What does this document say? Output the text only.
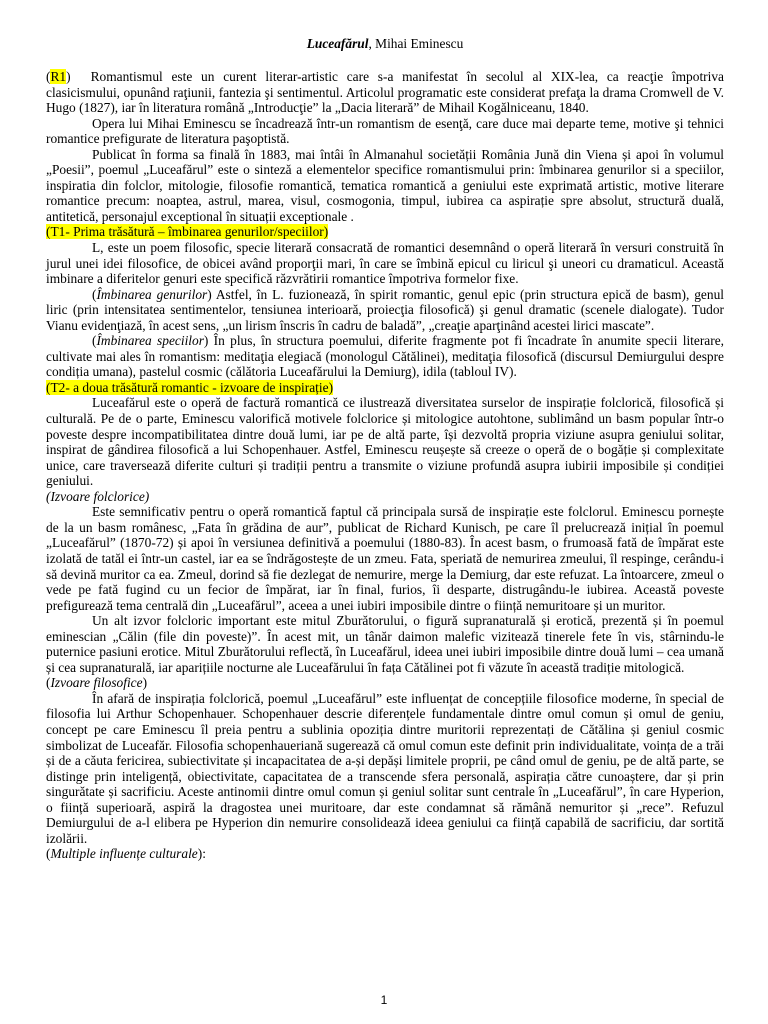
Luceafărul, Mihai Eminescu

(R1) Romantismul este un curent literar-artistic care s-a manifestat în secolul al XIX-lea, ca reacţie împotriva clasicismului, opunând raţiunii, fantezia şi sentimentul. Articolul programatic este considerat prefaţa la drama Cromwell de V. Hugo (1827), iar în literatura română „Introducţie” la „Dacia literară” de Mihail Kogălniceanu, 1840.

Opera lui Mihai Eminescu se încadrează într-un romantism de esenţă, care duce mai departe teme, motive şi tehnici romantice prefigurate de literatura paşoptistă.

Publicat în forma sa finală în 1883, mai întâi în Almanahul societății România Jună din Viena și apoi în volumul „Poesii”, poemul „Luceafărul” este o sinteză a elementelor specifice romantismului prin: îmbinarea genurilor si a speciilor, inspiratia din folclor, mitologie, filosofie romantică, tematica romantică a geniului este exprimată artistic, motive literare romantice precum: noaptea, astrul, marea, visul, cosmogonia, timpul, iubirea ca aspirație spre absolut, structură duală, antitetică, personajul exceptional în situații exceptionale .

(T1- Prima trăsătură – îmbinarea genurilor/speciilor)

L, este un poem filosofic, specie literară consacrată de romantici desemnând o operă literară în versuri construită în jurul unei idei filosofice, de obicei având proporţii mari, în care se îmbină epicul cu liricul şi uneori cu dramaticul. Această imbinare a diferitelor genuri este specifică răzvrătirii romantice împotriva formelor fixe.

(Îmbinarea genurilor) Astfel, în L. fuzionează, în spirit romantic, genul epic (prin structura epică de basm), genul liric (prin intensitatea sentimentelor, tensiunea interioară, proiecţia filosofică) şi genul dramatic (scenele dialogate). Tudor Vianu evidenţiază, în acest sens, „un lirism înscris în cadru de baladă”, „creaţie aparţinând acestei lirici mascate”.

(Îmbinarea speciilor) În plus, în structura poemului, diferite fragmente pot fi încadrate în anumite specii literare, cultivate mai ales în romantism: meditaţia elegiacă (monologul Cătălinei), meditaţia filosofică (discursul Demiurgului despre condiția umana), pastelul cosmic (călătoria Luceafărului la Demiurg), idila (tabloul IV).

(T2- a doua trăsătură romantic - izvoare de inspirație)

Luceafărul este o operă de factură romantică ce ilustrează diversitatea surselor de inspirație folclorică, filosofică și culturală. Pe de o parte, Eminescu valorifică motivele folclorice și mitologice autohtone, sublimând un basm popular într-o poveste despre incompatibilitatea dintre două lumi, iar pe de altă parte, își dezvoltă propria viziune asupra geniului solitar, inspirat de gândirea filosofică a lui Schopenhauer. Astfel, Eminescu reușește să creeze o operă de o bogăție și complexitate unice, care traversează diferite culturi și tradiții pentru a transmite o viziune profundă asupra iubirii imposibile și condiției geniului.

(Izvoare folclorice)

Este semnificativ pentru o operă romantică faptul că principala sursă de inspirație este folclorul. Eminescu pornește de la un basm românesc, „Fata în grădina de aur”, publicat de Richard Kunisch, pe care îl prelucrează inițial în poemul „Luceafărul” (1870-72) și apoi în versiunea definitivă a poemului (1880-83). În acest basm, o frumoasă fată de împărat este izolată de tatăl ei într-un castel, iar ea se îndrăgostește de un zmeu. Fata, speriată de nemurirea zmeului, îl respinge, cerându-i să devină muritor ca ea. Zmeul, dorind să fie dezlegat de nemurire, merge la Demiurg, dar este refuzat. La întoarcere, zmeul o vede pe fată fugind cu un fecior de împărat, iar în final, furios, îi desparte, distrugându-le iubirea. Această poveste prefigurează tema centrală din „Luceafărul”, aceea a unei iubiri imposibile dintre o ființă nemuritoare și un muritor.

Un alt izvor folcloric important este mitul Zburătorului, o figură supranaturală și erotică, prezentă și în poemul eminescian „Călin (file din poveste)”. În acest mit, un tânăr daimon malefic vizitează tinerele fete în vis, stârnindu-le puternice pasiuni erotice. Mitul Zburătorului reflectă, în Luceafărul, ideea unei iubiri imposibile dintre două lumi – cea umană și cea supranaturală, iar aparițiile nocturne ale Luceafărului în fața Cătălinei pot fi văzute în această tradiție mitologică.

(Izvoare filosofice)

În afară de inspirația folclorică, poemul „Luceafărul” este influențat de concepțiile filosofice moderne, în special de filosofia lui Arthur Schopenhauer. Schopenhauer descrie diferențele fundamentale dintre omul comun și omul de geniu, concept pe care Eminescu îl preia pentru a sublinia opoziția dintre muritorii reprezentați de Cătălina și geniul cosmic simbolizat de Luceafăr. Filosofia schopenhaueriană sugerează că omul comun este definit prin individualitate, voința de a trăi și de a căuta fericirea, subiectivitate și incapacitatea de a-și depăși limitele proprii, pe când omul de geniu, pe de altă parte, se distinge prin inteligență, obiectivitate, capacitatea de a transcende sfera personală, aspirația către cunoaștere, dar și prin singurătate și sacrificiu. Aceste antinomii dintre omul comun și geniul solitar sunt centrale în „Luceafărul”, în care Hyperion, o ființă superioară, aspiră la dragostea unei muritoare, dar este condamnat să rămână nemuritor și „rece”. Refuzul Demiurgului de a-l elibera pe Hyperion din nemurire consolidează ideea geniului ca ființă capabilă de sacrificiu, dar sortită izolării.

(Multiple influențe culturale):

1
